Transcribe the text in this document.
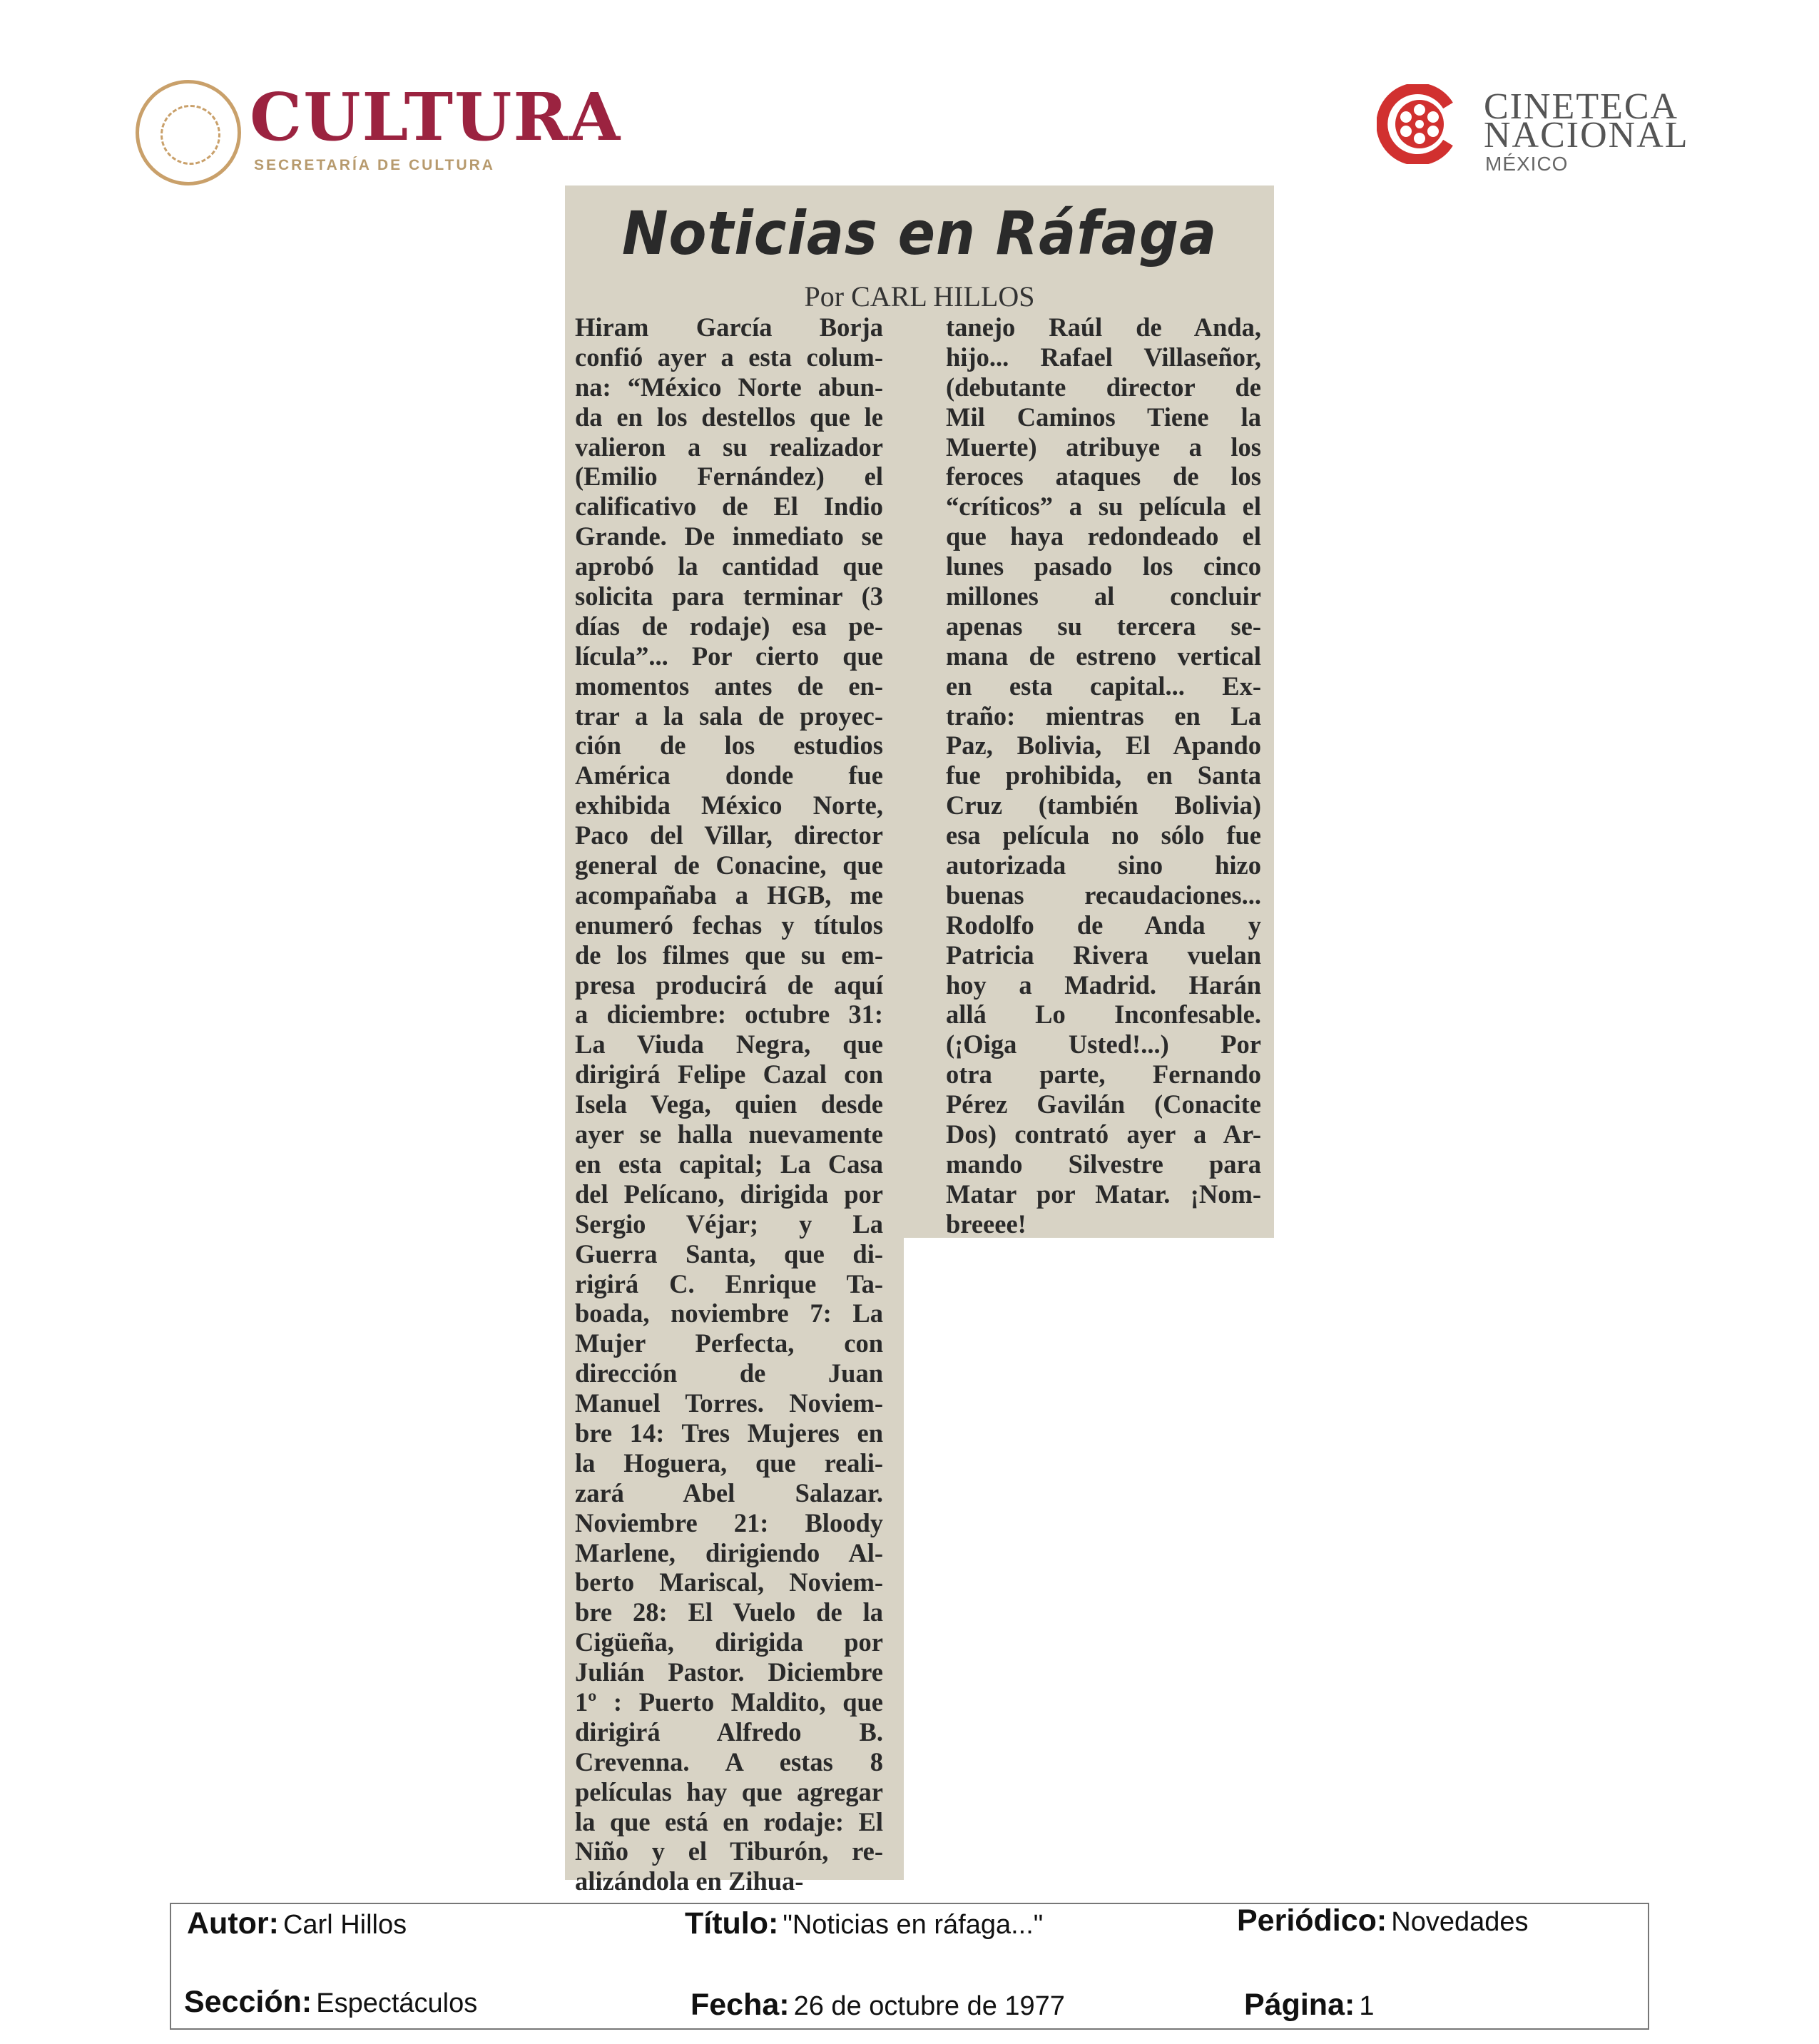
CULTURA
SECRETARÍA DE CULTURA
CINETECA
NACIONAL
MÉXICO
Noticias en Ráfaga
Por CARL HILLOS
Hiram García Borja
confió ayer a esta colum-
na: “México Norte abun-
da en los destellos que le
valieron a su realizador
(Emilio Fernández) el
calificativo de El Indio
Grande. De inmediato se
aprobó la cantidad que
solicita para terminar (3
días de rodaje) esa pe-
lícula”... Por cierto que
momentos antes de en-
trar a la sala de proyec-
ción de los estudios
América donde fue
exhibida México Norte,
Paco del Villar, director
general de Conacine, que
acompañaba a HGB, me
enumeró fechas y títulos
de los filmes que su em-
presa producirá de aquí
a diciembre: octubre 31:
La Viuda Negra, que
dirigirá Felipe Cazal con
Isela Vega, quien desde
ayer se halla nuevamente
en esta capital; La Casa
del Pelícano, dirigida por
Sergio Véjar; y La
Guerra Santa, que di-
rigirá C. Enrique Ta-
boada, noviembre 7: La
Mujer Perfecta, con
dirección de Juan
Manuel Torres. Noviem-
bre 14: Tres Mujeres en
la Hoguera, que reali-
zará Abel Salazar.
Noviembre 21: Bloody
Marlene, dirigiendo Al-
berto Mariscal, Noviem-
bre 28: El Vuelo de la
Cigüeña, dirigida por
Julián Pastor. Diciembre
1º : Puerto Maldito, que
dirigirá Alfredo B.
Crevenna. A estas 8
películas hay que agregar
la que está en rodaje: El
Niño y el Tiburón, re-
alizándola en Zihua-
tanejo Raúl de Anda,
hijo... Rafael Villaseñor,
(debutante director de
Mil Caminos Tiene la
Muerte) atribuye a los
feroces ataques de los
“críticos” a su película el
que haya redondeado el
lunes pasado los cinco
millones al concluir
apenas su tercera se-
mana de estreno vertical
en esta capital... Ex-
traño: mientras en La
Paz, Bolivia, El Apando
fue prohibida, en Santa
Cruz (también Bolivia)
esa película no sólo fue
autorizada sino hizo
buenas recaudaciones...
Rodolfo de Anda y
Patricia Rivera vuelan
hoy a Madrid. Harán
allá Lo Inconfesable.
(¡Oiga Usted!...) Por
otra parte, Fernando
Pérez Gavilán (Conacite
Dos) contrató ayer a Ar-
mando Silvestre para
Matar por Matar. ¡Nom-
breeee!
Autor: Carl Hillos	Título: "Noticias en ráfaga..."	Periódico: Novedades
Sección: Espectáculos	Fecha: 26 de octubre de 1977	Página: 1
